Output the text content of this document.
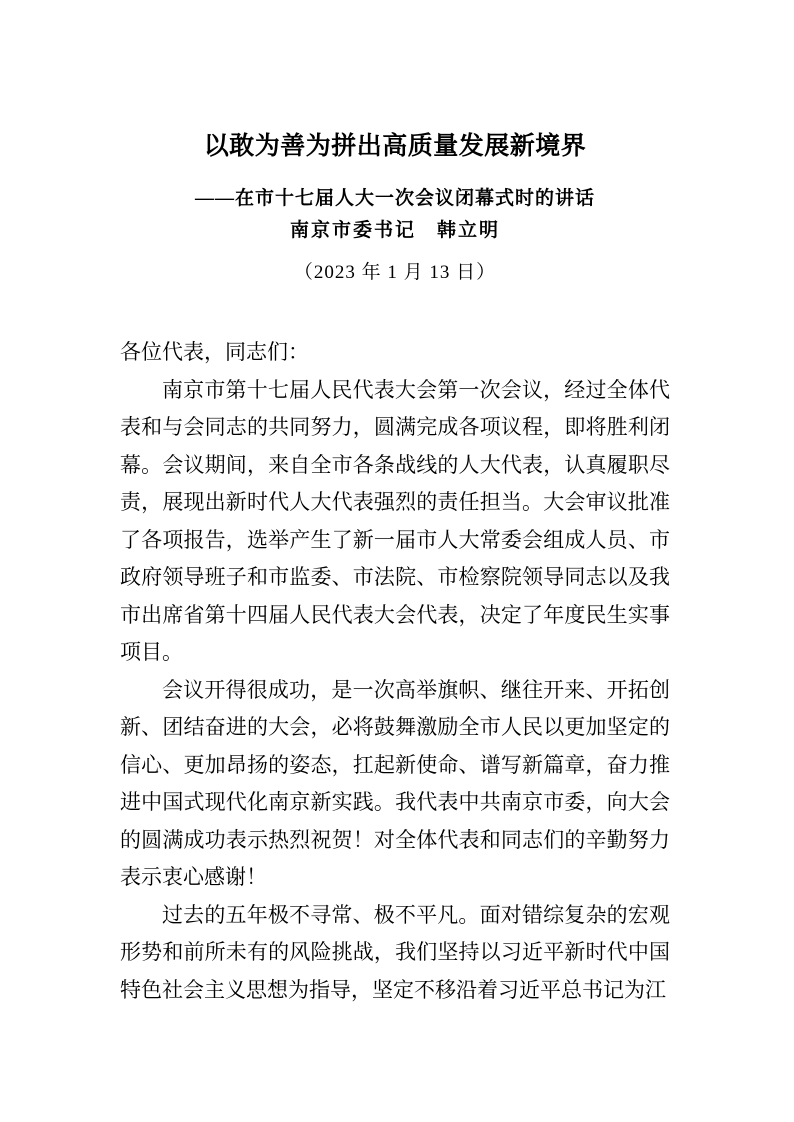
以敢为善为拼出高质量发展新境界
——在市十七届人大一次会议闭幕式时的讲话
南京市委书记　韩立明
（2023 年 1 月 13 日）

各位代表，同志们：

南京市第十七届人民代表大会第一次会议，经过全体代表和与会同志的共同努力，圆满完成各项议程，即将胜利闭幕。会议期间，来自全市各条战线的人大代表，认真履职尽责，展现出新时代人大代表强烈的责任担当。大会审议批准了各项报告，选举产生了新一届市人大常委会组成人员、市政府领导班子和市监委、市法院、市检察院领导同志以及我市出席省第十四届人民代表大会代表，决定了年度民生实事项目。

会议开得很成功，是一次高举旗帜、继往开来、开拓创新、团结奋进的大会，必将鼓舞激励全市人民以更加坚定的信心、更加昂扬的姿态，扛起新使命、谱写新篇章，奋力推进中国式现代化南京新实践。我代表中共南京市委，向大会的圆满成功表示热烈祝贺！对全体代表和同志们的辛勤努力表示衷心感谢！

过去的五年极不寻常、极不平凡。面对错综复杂的宏观形势和前所未有的风险挑战，我们坚持以习近平新时代中国特色社会主义思想为指导，坚定不移沿着习近平总书记为江
